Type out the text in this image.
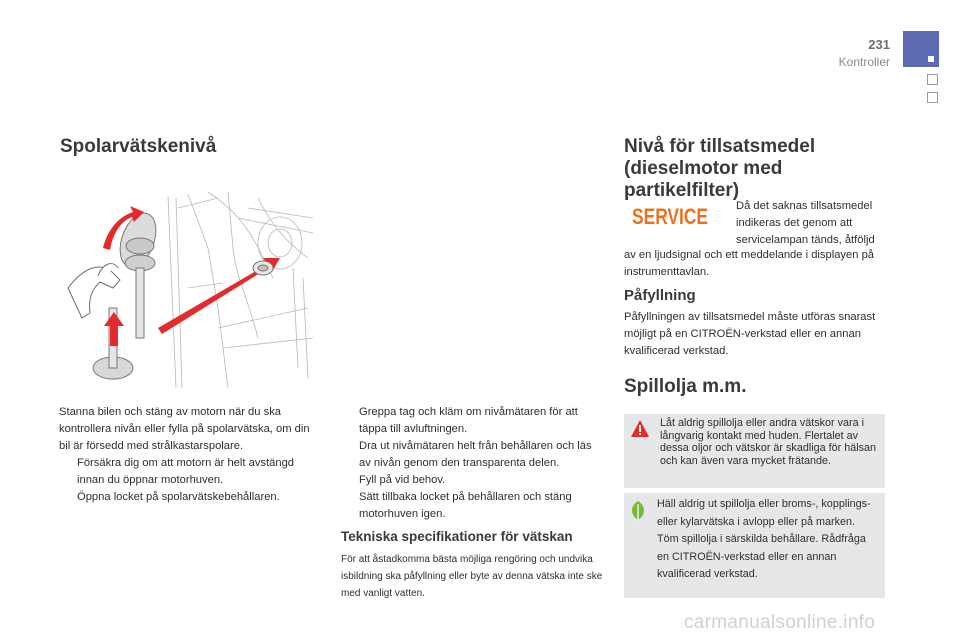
231
Kontroller
Spolarvätskenivå
Stanna bilen och stäng av motorn när du ska kontrollera nivån eller fylla på spolarvätska, om din bil är försedd med strålkastarspolare.
Försäkra dig om att motorn är helt avstängd innan du öppnar motorhuven.
Öppna locket på spolarvätskebehållaren.
Greppa tag och kläm om nivåmätaren för att täppa till avluftningen.
Dra ut nivåmätaren helt från behållaren och läs av nivån genom den transparenta delen.
Fyll på vid behov.
Sätt tillbaka locket på behållaren och stäng motorhuven igen.
Tekniska specifikationer för vätskan
För att åstadkomma bästa möjliga rengöring och undvika isbildning ska påfyllning eller byte av denna vätska inte ske med vanligt vatten.
Nivå för tillsatsmedel (dieselmotor med partikelfilter)
SERVICE	Då det saknas tillsatsmedel indikeras det genom att servicelampan tänds, åtföljd
av en ljudsignal och ett meddelande i displayen på instrumenttavlan.
Påfyllning
Påfyllningen av tillsatsmedel måste utföras snarast möjligt på en CITROËN-verkstad eller en annan kvalificerad verkstad.
Spillolja m.m.
Låt aldrig spillolja eller andra vätskor vara i långvarig kontakt med huden. Flertalet av dessa oljor och vätskor är skadliga för hälsan och kan även vara mycket frätande.
Häll aldrig ut spillolja eller broms-, kopplings- eller kylarvätska i avlopp eller på marken. Töm spillolja i särskilda behållare. Rådfråga en CITROËN-verkstad eller en annan kvalificerad verkstad.
carmanualsonline.info
